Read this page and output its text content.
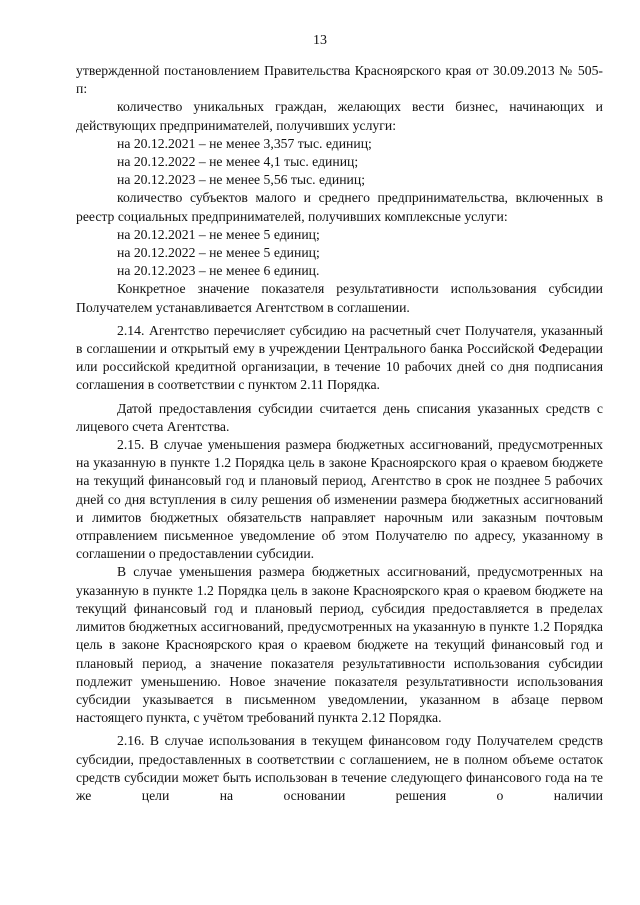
13

утвержденной постановлением Правительства Красноярского края от 30.09.2013 № 505-п:

количество уникальных граждан, желающих вести бизнес, начинающих и действующих предпринимателей, получивших услуги:

на 20.12.2021 – не менее 3,357 тыс. единиц;

на 20.12.2022 – не менее 4,1 тыс. единиц;

на 20.12.2023 – не менее 5,56 тыс. единиц;

количество субъектов малого и среднего предпринимательства, включенных в реестр социальных предпринимателей, получивших комплексные услуги:

на 20.12.2021 – не менее 5 единиц;

на 20.12.2022 – не менее 5 единиц;

на 20.12.2023 – не менее 6 единиц.

Конкретное значение показателя результативности использования субсидии Получателем устанавливается Агентством в соглашении.

2.14. Агентство перечисляет субсидию на расчетный счет Получателя, указанный в соглашении и открытый ему в учреждении Центрального банка Российской Федерации или российской кредитной организации, в течение 10 рабочих дней со дня подписания соглашения в соответствии с пунктом 2.11 Порядка.

Датой предоставления субсидии считается день списания указанных средств с лицевого счета Агентства.

2.15. В случае уменьшения размера бюджетных ассигнований, предусмотренных на указанную в пункте 1.2 Порядка цель в законе Красноярского края о краевом бюджете на текущий финансовый год и плановый период, Агентство в срок не позднее 5 рабочих дней со дня вступления в силу решения об изменении размера бюджетных ассигнований и лимитов бюджетных обязательств направляет нарочным или заказным почтовым отправлением письменное уведомление об этом Получателю по адресу, указанному в соглашении о предоставлении субсидии.

В случае уменьшения размера бюджетных ассигнований, предусмотренных на указанную в пункте 1.2 Порядка цель в законе Красноярского края о краевом бюджете на текущий финансовый год и плановый период, субсидия предоставляется в пределах лимитов бюджетных ассигнований, предусмотренных на указанную в пункте 1.2 Порядка цель в законе Красноярского края о краевом бюджете на текущий финансовый год и плановый период, а значение показателя результативности использования субсидии подлежит уменьшению. Новое значение показателя результативности использования субсидии указывается в письменном уведомлении, указанном в абзаце первом настоящего пункта, с учётом требований пункта 2.12 Порядка.

2.16. В случае использования в текущем финансовом году Получателем средств субсидии, предоставленных в соответствии с соглашением, не в полном объеме остаток средств субсидии может быть использован в течение следующего финансового года на те же цели на основании решения о наличии
